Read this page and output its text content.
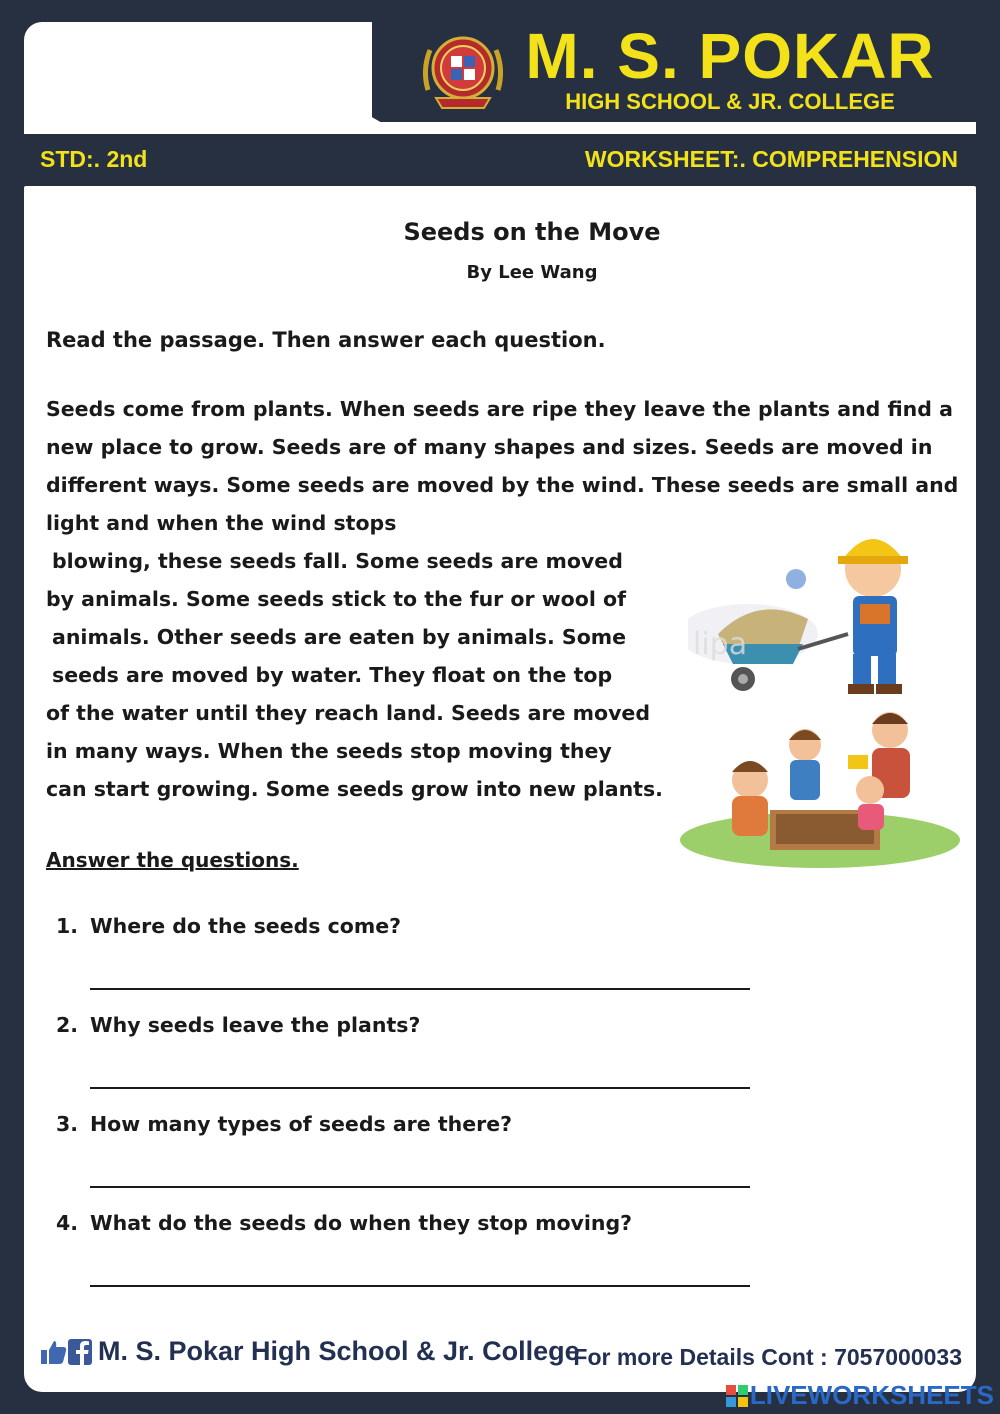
M. S. POKAR
HIGH SCHOOL & JR. COLLEGE
STD:. 2nd	WORKSHEET:. COMPREHENSION
Seeds on the Move
By Lee Wang
Read the passage. Then answer each question.
Seeds come from plants. When seeds are ripe they leave the plants and find a
new place to grow. Seeds are of many shapes and sizes. Seeds are moved in
different ways. Some seeds are moved by the wind. These seeds are small and
light and when the wind stops
blowing, these seeds fall. Some seeds are moved
by animals. Some seeds stick to the fur or wool of
animals. Other seeds are eaten by animals. Some
seeds are moved by water. They float on the top
of the water until they reach land. Seeds are moved
in many ways. When the seeds stop moving they
can start growing. Some seeds grow into new plants.
lipa
Answer the questions.
1. Where do the seeds come?
2. Why seeds leave the plants?
3. How many types of seeds are there?
4. What do the seeds do when they stop moving?
M. S. Pokar High School & Jr. College
For more Details Cont : 7057000033
LIVEWORKSHEETS
